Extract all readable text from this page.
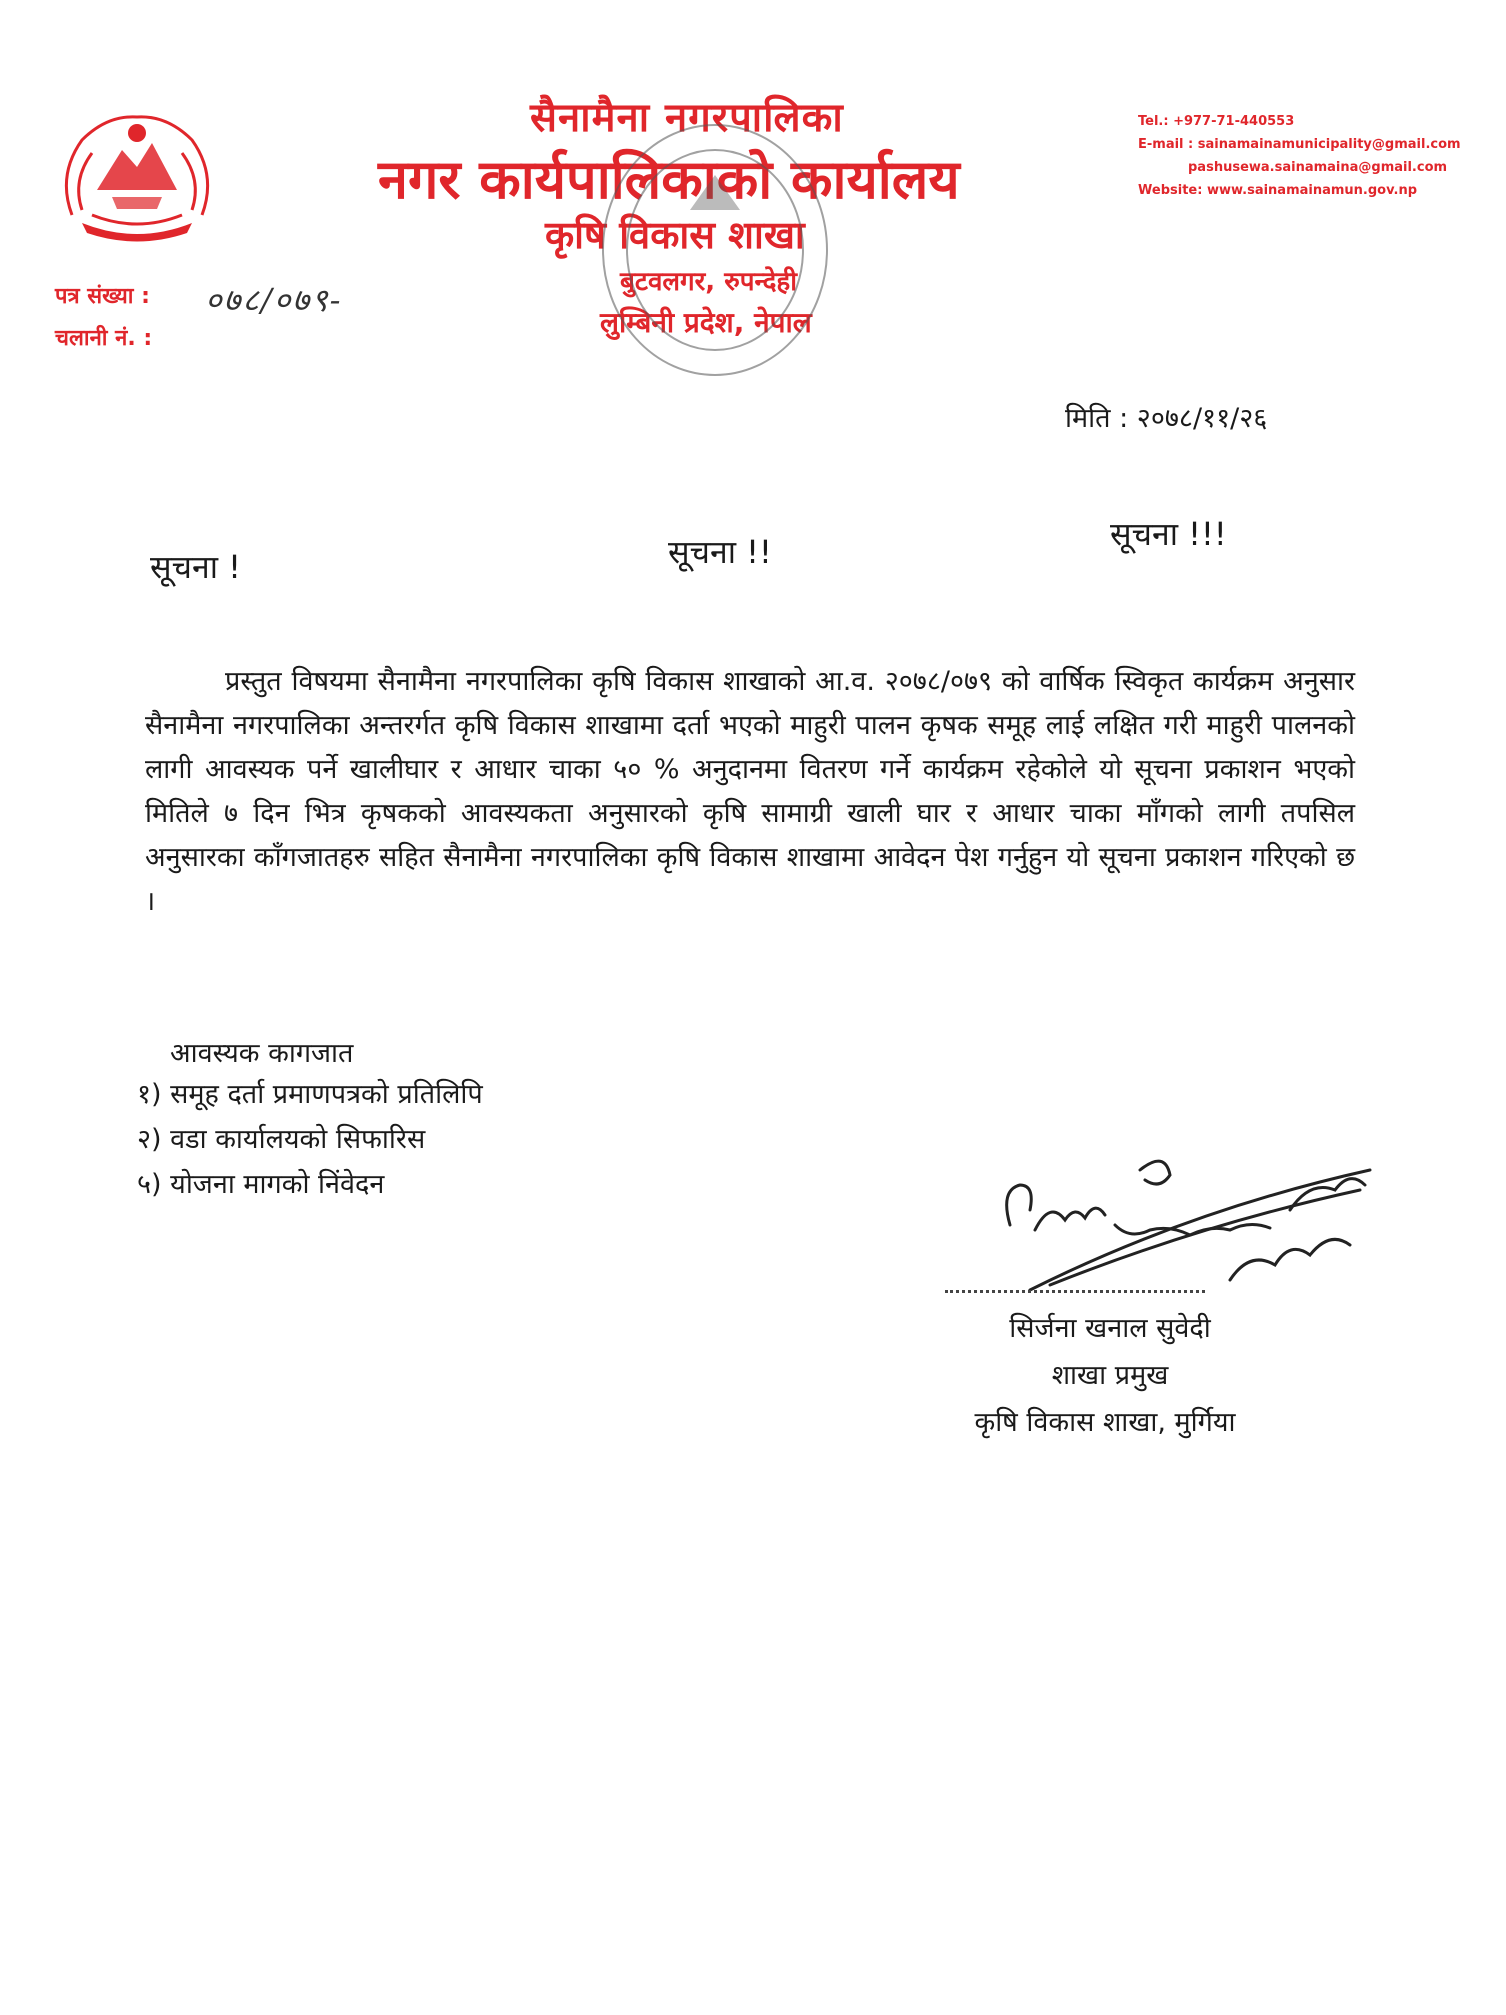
सैनामैना नगरपालिका
नगर कार्यपालिकाको कार्यालय
कृषि विकास शाखा
बुटवलगर, रुपन्देही
लुम्बिनी प्रदेश, नेपाल
Tel.: +977-71-440553
E-mail : sainamainamunicipality@gmail.com
pashusewa.sainamaina@gmail.com
Website: www.sainamainamun.gov.np
पत्र संख्या : ०७८/०७९-
चलानी नं. :
मिति : २०७८/११/२६
सूचना !	सूचना !!	सूचना !!!
प्रस्तुत विषयमा सैनामैना नगरपालिका कृषि विकास शाखाको आ.व. २०७८/०७९ को वार्षिक स्विकृत कार्यक्रम अनुसार सैनामैना नगरपालिका अन्तरर्गत कृषि विकास शाखामा दर्ता भएको माहुरी पालन कृषक समूह लाई लक्षित गरी माहुरी पालनको लागी आवस्यक पर्ने खालीघार र आधार चाका ५० % अनुदानमा वितरण गर्ने कार्यक्रम रहेकोले यो सूचना प्रकाशन भएको मितिले ७ दिन भित्र कृषकको आवस्यकता अनुसारको कृषि सामाग्री खाली घार र आधार चाका माँगको लागी तपसिल अनुसारका काँगजातहरु सहित सैनामैना नगरपालिका कृषि विकास शाखामा आवेदन पेश गर्नुहुन यो सूचना प्रकाशन गरिएको छ ।
आवस्यक कागजात
१) समूह दर्ता प्रमाणपत्रको प्रतिलिपि
२) वडा कार्यालयको सिफारिस
५) योजना मागको निंवेदन
सिर्जना खनाल सुवेदी
शाखा प्रमुख
कृषि विकास शाखा, मुर्गिया
